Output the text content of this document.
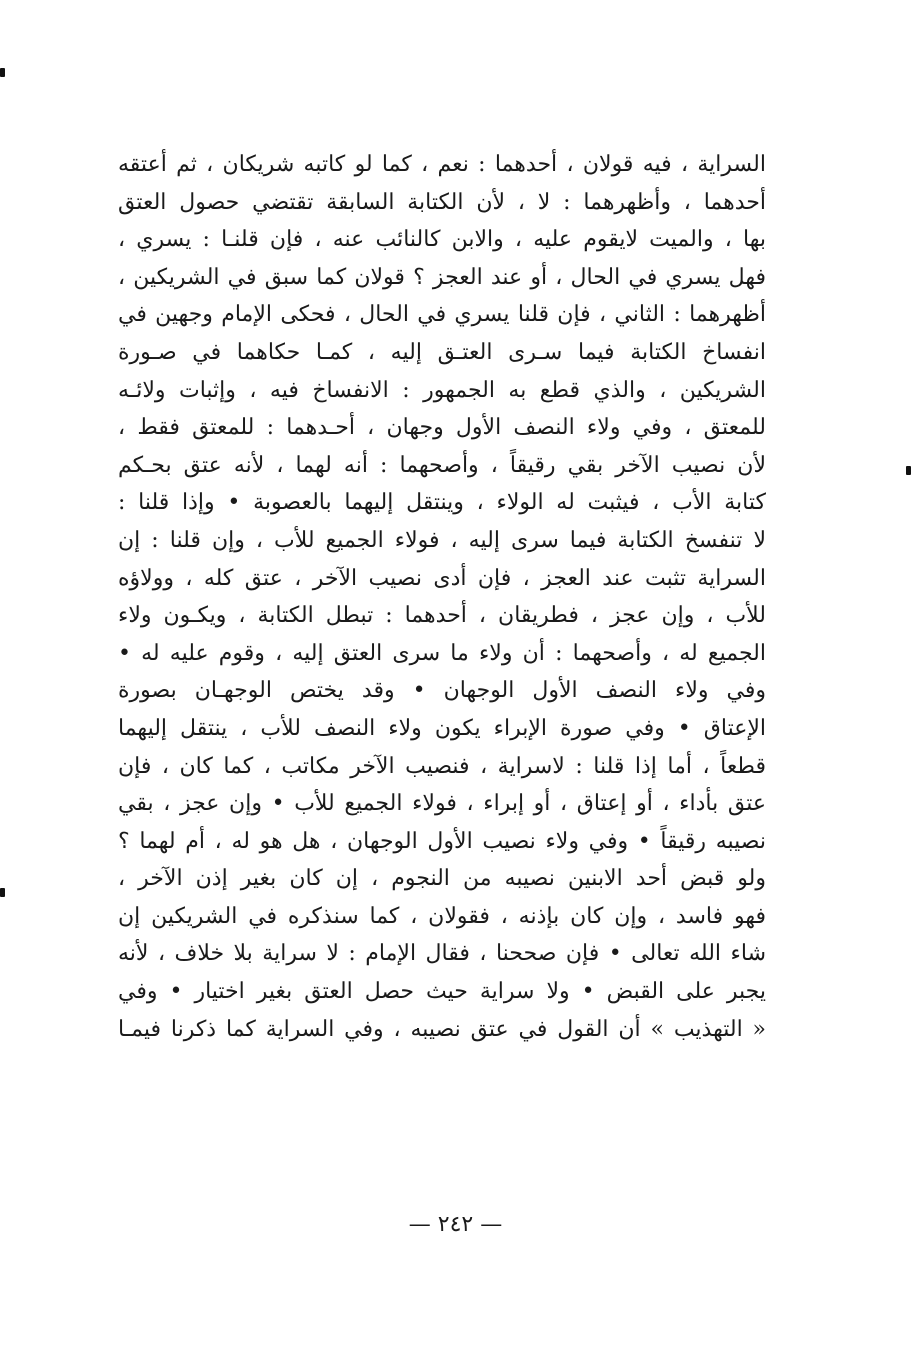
السراية ، فيه قولان ، أحدهما : نعم ، كما لو كاتبه شريكان ، ثم أعتقه
أحدهما ، وأظهرهما : لا ، لأن الكتابة السابقة تقتضي حصول العتق
بها ، والميت لايقوم عليه ، والابن كالنائب عنه ، فإن قلنـا : يسري ،
فهل يسري في الحال ، أو عند العجز ؟ قولان كما سبق في الشريكين ،
أظهرهما : الثاني ، فإن قلنا يسري في الحال ، فحكى الإمام وجهين في
انفساخ الكتابة فيما سـرى العتـق إليه ، كمـا حكاهما في صـورة
الشريكين ، والذي قطع به الجمهور : الانفساخ فيه ، وإثبات ولائـه
للمعتق ، وفي ولاء النصف الأول وجهان ، أحـدهما : للمعتق فقط ،
لأن نصيب الآخر بقي رقيقاً ، وأصحهما : أنه لهما ، لأنه عتق بحـكم
كتابة الأب ، فيثبت له الولاء ، وينتقل إليهما بالعصوبة • وإذا قلنا :
لا تنفسخ الكتابة فيما سرى إليه ، فولاء الجميع للأب ، وإن قلنا : إن
السراية تثبت عند العجز ، فإن أدى نصيب الآخر ، عتق كله ، وولاؤه
للأب ، وإن عجز ، فطريقان ، أحدهما : تبطل الكتابة ، ويكـون ولاء
الجميع له ، وأصحهما : أن ولاء ما سرى العتق إليه ، وقوم عليه له •
وفي ولاء النصف الأول الوجهان • وقد يختص الوجهـان بصورة
الإعتاق • وفي صورة الإبراء يكون ولاء النصف للأب ، ينتقل إليهما
قطعاً ، أما إذا قلنا : لاسراية ، فنصيب الآخر مكاتب ، كما كان ، فإن
عتق بأداء ، أو إعتاق ، أو إبراء ، فولاء الجميع للأب • وإن عجز ، بقي
نصيبه رقيقاً • وفي ولاء نصيب الأول الوجهان ، هل هو له ، أم لهما ؟
ولو قبض أحد الابنين نصيبه من النجوم ، إن كان بغير إذن الآخر ،
فهو فاسد ، وإن كان بإذنه ، فقولان ، كما سنذكره في الشريكين إن
شاء الله تعالى • فإن صححنا ، فقال الإمام : لا سراية بلا خلاف ، لأنه
يجبر على القبض • ولا سراية حيث حصل العتق بغير اختيار • وفي
« التهذيب » أن القول في عتق نصيبه ، وفي السراية كما ذكرنا فيمـا
— ٢٤٢ —
